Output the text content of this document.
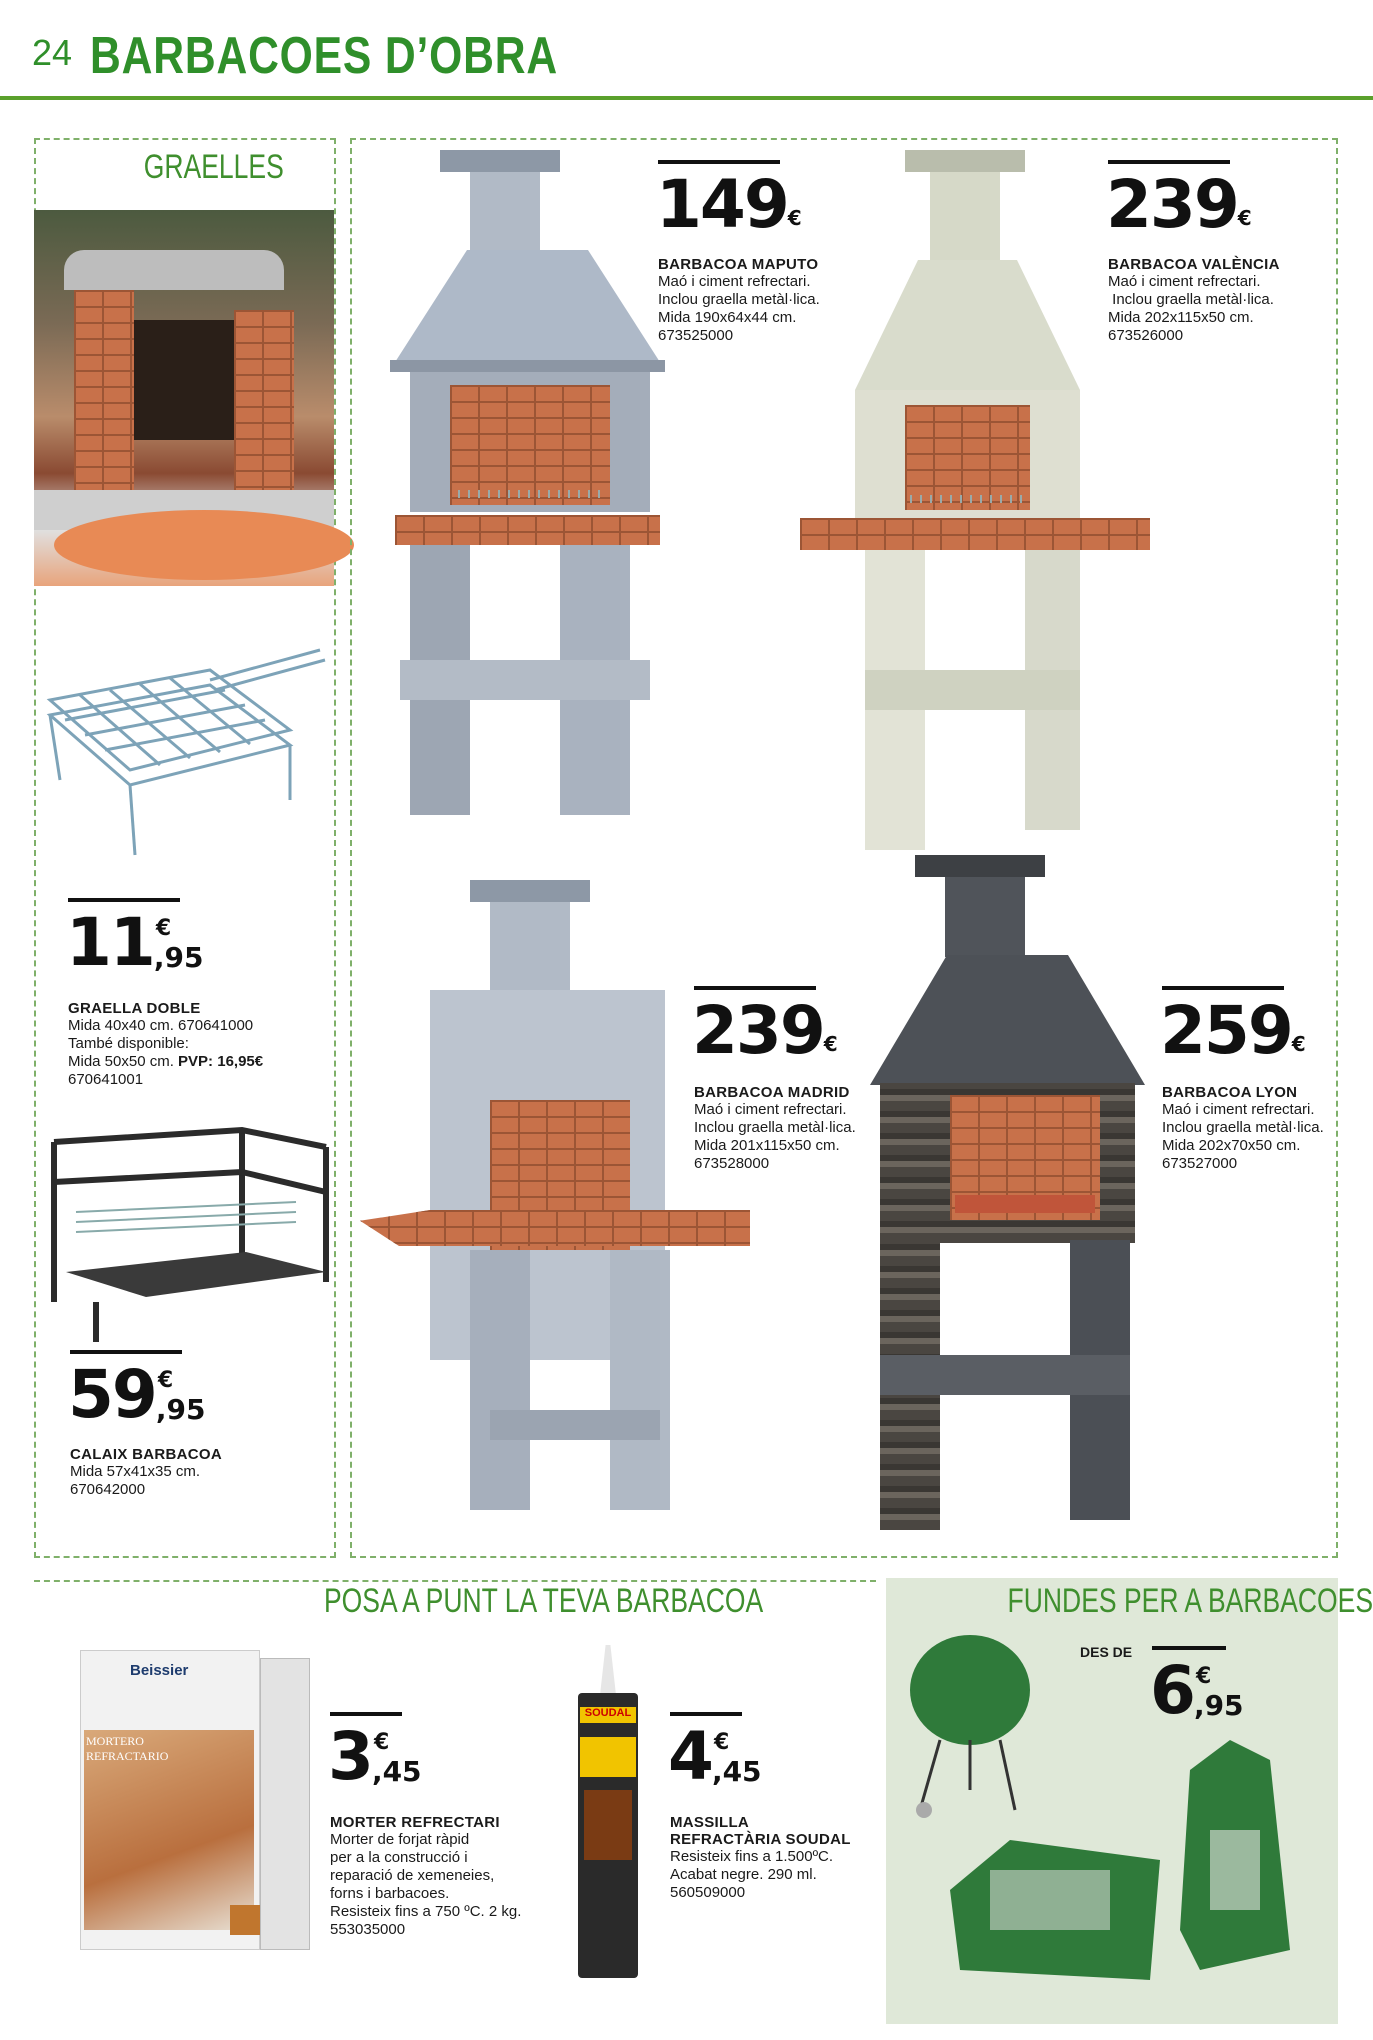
24 BARBACOES D’OBRA
GRAELLES
11 €
,95
GRAELLA DOBLE
Mida 40x40 cm. 670641000
També disponible:
Mida 50x50 cm. PVP: 16,95€
670641001
59 €
,95
CALAIX BARBACOA
Mida 57x41x35 cm.
670642000
149 €
BARBACOA MAPUTO
Maó i ciment refrectari.
Inclou graella metàl·lica.
Mida 190x64x44 cm.
673525000
239 €
BARBACOA VALÈNCIA
Maó i ciment refrectari.
Inclou graella metàl·lica.
Mida 202x115x50 cm.
673526000
239 €
BARBACOA MADRID
Maó i ciment refrectari.
Inclou graella metàl·lica.
Mida 201x115x50 cm.
673528000
259 €
BARBACOA LYON
Maó i ciment refrectari.
Inclou graella metàl·lica.
Mida 202x70x50 cm.
673527000
POSA A PUNT LA TEVA BARBACOA
Beissier
MORTERO REFRACTARIO 3 €
,45
MORTER REFRECTARI
Morter de forjat ràpid
per a la construcció i
reparació de xemeneies,
forns i barbacoes.
Resisteix fins a 750 ºC. 2 kg.
553035000
SOUDAL
4 €
,45
MASSILLA
REFRACTÀRIA SOUDAL
Resisteix fins a 1.500ºC.
Acabat negre. 290 ml.
560509000
FUNDES PER A BARBACOES
DES DE 6 €
,95
